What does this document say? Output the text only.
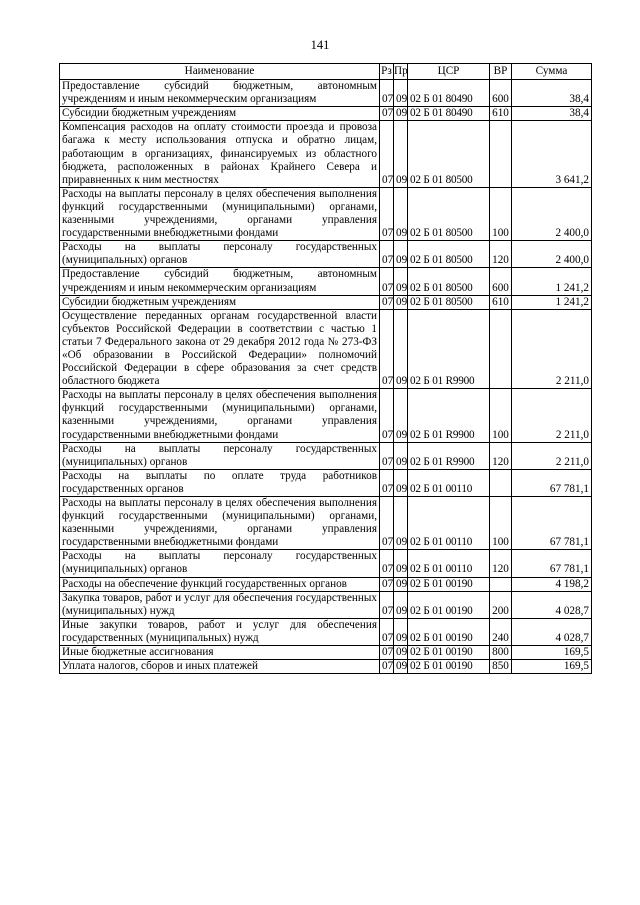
141
Наименование	Рз	Пр	ЦСР	ВР	Сумма
Предоставление субсидий бюджетным, автономным учреждениям и иным некоммерческим организациям	07	09	02 Б 01 80490	600	38,4
Субсидии бюджетным учреждениям	07	09	02 Б 01 80490	610	38,4
Компенсация расходов на оплату стоимости проезда и провоза багажа к месту использования отпуска и обратно лицам, работающим в организациях, финансируемых из областного бюджета, расположенных в районах Крайнего Севера и приравненных к ним местностях	07	09	02 Б 01 80500		3 641,2
Расходы на выплаты персоналу в целях обеспечения выполнения функций государственными (муниципальными) органами, казенными учреждениями, органами управления государственными внебюджетными фондами	07	09	02 Б 01 80500	100	2 400,0
Расходы на выплаты персоналу государственных (муниципальных) органов	07	09	02 Б 01 80500	120	2 400,0
Предоставление субсидий бюджетным, автономным учреждениям и иным некоммерческим организациям	07	09	02 Б 01 80500	600	1 241,2
Субсидии бюджетным учреждениям	07	09	02 Б 01 80500	610	1 241,2
Осуществление переданных органам государственной власти субъектов Российской Федерации в соответствии с частью 1 статьи 7 Федерального закона от 29 декабря 2012 года № 273-ФЗ «Об образовании в Российской Федерации» полномочий Российской Федерации в сфере образования за счет средств областного бюджета	07	09	02 Б 01 R9900		2 211,0
Расходы на выплаты персоналу в целях обеспечения выполнения функций государственными (муниципальными) органами, казенными учреждениями, органами управления государственными внебюджетными фондами	07	09	02 Б 01 R9900	100	2 211,0
Расходы на выплаты персоналу государственных (муниципальных) органов	07	09	02 Б 01 R9900	120	2 211,0
Расходы на выплаты по оплате труда работников государственных органов	07	09	02 Б 01 00110		67 781,1
Расходы на выплаты персоналу в целях обеспечения выполнения функций государственными (муниципальными) органами, казенными учреждениями, органами управления государственными внебюджетными фондами	07	09	02 Б 01 00110	100	67 781,1
Расходы на выплаты персоналу государственных (муниципальных) органов	07	09	02 Б 01 00110	120	67 781,1
Расходы на обеспечение функций государственных органов	07	09	02 Б 01 00190		4 198,2
Закупка товаров, работ и услуг для обеспечения государственных (муниципальных) нужд	07	09	02 Б 01 00190	200	4 028,7
Иные закупки товаров, работ и услуг для обеспечения государственных (муниципальных) нужд	07	09	02 Б 01 00190	240	4 028,7
Иные бюджетные ассигнования	07	09	02 Б 01 00190	800	169,5
Уплата налогов, сборов и иных платежей	07	09	02 Б 01 00190	850	169,5
